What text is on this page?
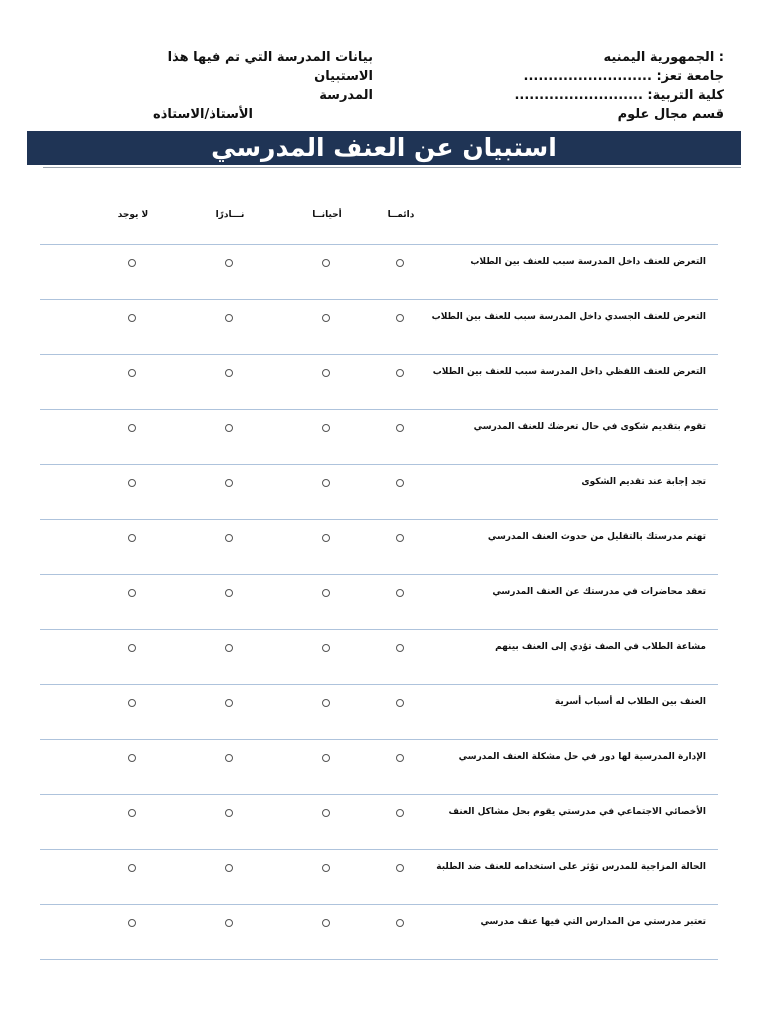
: الجمهورية اليمنيه
جامعة تعز: ..........................
كلية التربية: ..........................
قسم مجال علوم
بيانات المدرسة التي تم فيها هذا الاستبيان
المدرسة
الأستاذ/الاستاذه
استبيان عن العنف المدرسي
دائمــا
أحيانــا
نـــادرًا
لا يوجد
التعرض للعنف داخل المدرسة سبب للعنف بين الطلاب
التعرض للعنف الجسدي داخل المدرسة سبب للعنف بين الطلاب
التعرض للعنف اللفظي داخل المدرسة سبب للعنف بين الطلاب
تقوم بتقديم شكوى في حال تعرضك للعنف المدرسي
تجد إجابة عند تقديم الشكوى
تهتم مدرستك بالتقليل من حدوث العنف المدرسي
تعقد محاضرات في مدرستك عن العنف المدرسي
مشاعة الطلاب في الصف تؤدي إلى العنف بينهم
العنف بين الطلاب له أسباب أسرية
الإدارة المدرسية لها دور في حل مشكلة العنف المدرسي
الأخصائي الاجتماعي في مدرستي يقوم بحل مشاكل العنف
الحالة المزاجية للمدرس تؤثر على استخدامه للعنف ضد الطلبة
تعتبر مدرستي من المدارس التي فيها عنف مدرسي
